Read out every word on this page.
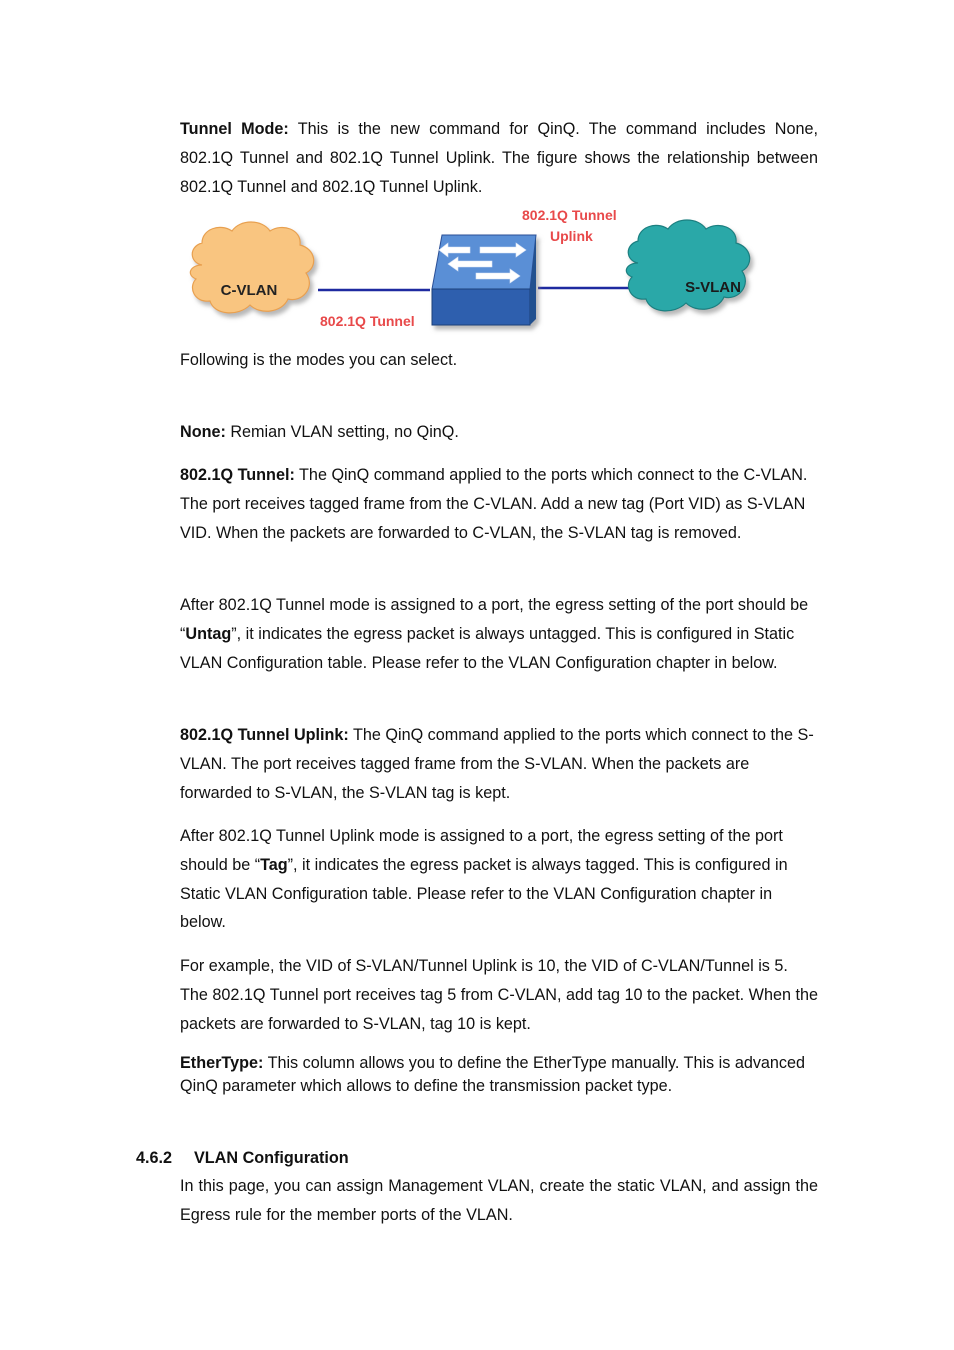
Tunnel Mode: This is the new command for QinQ. The command includes None, 802.1Q Tunnel and 802.1Q Tunnel Uplink. The figure shows the relationship between 802.1Q Tunnel and 802.1Q Tunnel Uplink.

C-VLAN	S-VLAN
802.1Q Tunnel
802.1Q Tunnel
Uplink

Following is the modes you can select.

None: Remian VLAN setting, no QinQ.

802.1Q Tunnel: The QinQ command applied to the ports which connect to the C-VLAN. The port receives tagged frame from the C-VLAN. Add a new tag (Port VID) as S-VLAN VID. When the packets are forwarded to C-VLAN, the S-VLAN tag is removed.

After 802.1Q Tunnel mode is assigned to a port, the egress setting of the port should be “Untag”, it indicates the egress packet is always untagged. This is configured in Static VLAN Configuration table. Please refer to the VLAN Configuration chapter in below.

802.1Q Tunnel Uplink: The QinQ command applied to the ports which connect to the S-VLAN. The port receives tagged frame from the S-VLAN. When the packets are forwarded to S-VLAN, the S-VLAN tag is kept.

After 802.1Q Tunnel Uplink mode is assigned to a port, the egress setting of the port should be “Tag”, it indicates the egress packet is always tagged. This is configured in Static VLAN Configuration table. Please refer to the VLAN Configuration chapter in below.

For example, the VID of S-VLAN/Tunnel Uplink is 10, the VID of C-VLAN/Tunnel is 5. The 802.1Q Tunnel port receives tag 5 from C-VLAN, add tag 10 to the packet. When the packets are forwarded to S-VLAN, tag 10 is kept.

EtherType: This column allows you to define the EtherType manually. This is advanced QinQ parameter which allows to define the transmission packet type.

4.6.2 VLAN Configuration

In this page, you can assign Management VLAN, create the static VLAN, and assign the Egress rule for the member ports of the VLAN.
